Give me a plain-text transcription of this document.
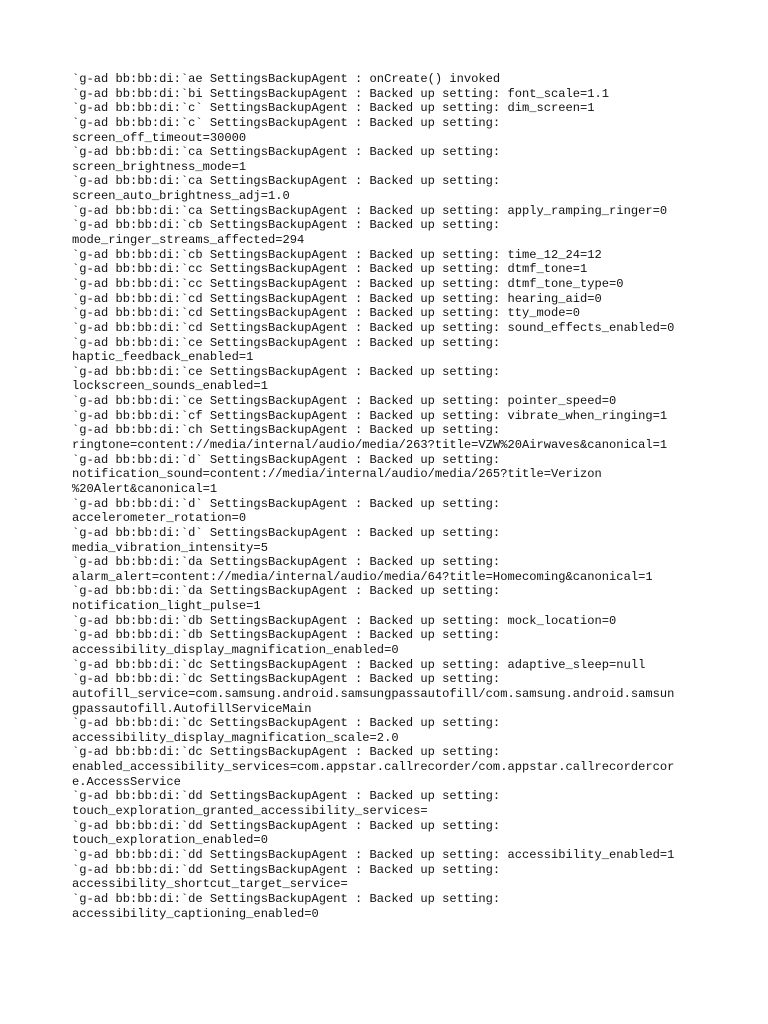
`g-ad bb:bb:di:`ae SettingsBackupAgent : onCreate() invoked
`g-ad bb:bb:di:`bi SettingsBackupAgent : Backed up setting: font_scale=1.1
`g-ad bb:bb:di:`c` SettingsBackupAgent : Backed up setting: dim_screen=1
`g-ad bb:bb:di:`c` SettingsBackupAgent : Backed up setting:
screen_off_timeout=30000
`g-ad bb:bb:di:`ca SettingsBackupAgent : Backed up setting:
screen_brightness_mode=1
`g-ad bb:bb:di:`ca SettingsBackupAgent : Backed up setting:
screen_auto_brightness_adj=1.0
`g-ad bb:bb:di:`ca SettingsBackupAgent : Backed up setting: apply_ramping_ringer=0
`g-ad bb:bb:di:`cb SettingsBackupAgent : Backed up setting:
mode_ringer_streams_affected=294
`g-ad bb:bb:di:`cb SettingsBackupAgent : Backed up setting: time_12_24=12
`g-ad bb:bb:di:`cc SettingsBackupAgent : Backed up setting: dtmf_tone=1
`g-ad bb:bb:di:`cc SettingsBackupAgent : Backed up setting: dtmf_tone_type=0
`g-ad bb:bb:di:`cd SettingsBackupAgent : Backed up setting: hearing_aid=0
`g-ad bb:bb:di:`cd SettingsBackupAgent : Backed up setting: tty_mode=0
`g-ad bb:bb:di:`cd SettingsBackupAgent : Backed up setting: sound_effects_enabled=0
`g-ad bb:bb:di:`ce SettingsBackupAgent : Backed up setting:
haptic_feedback_enabled=1
`g-ad bb:bb:di:`ce SettingsBackupAgent : Backed up setting:
lockscreen_sounds_enabled=1
`g-ad bb:bb:di:`ce SettingsBackupAgent : Backed up setting: pointer_speed=0
`g-ad bb:bb:di:`cf SettingsBackupAgent : Backed up setting: vibrate_when_ringing=1
`g-ad bb:bb:di:`ch SettingsBackupAgent : Backed up setting:
ringtone=content://media/internal/audio/media/263?title=VZW%20Airwaves&canonical=1
`g-ad bb:bb:di:`d` SettingsBackupAgent : Backed up setting:
notification_sound=content://media/internal/audio/media/265?title=Verizon
%20Alert&canonical=1
`g-ad bb:bb:di:`d` SettingsBackupAgent : Backed up setting:
accelerometer_rotation=0
`g-ad bb:bb:di:`d` SettingsBackupAgent : Backed up setting:
media_vibration_intensity=5
`g-ad bb:bb:di:`da SettingsBackupAgent : Backed up setting:
alarm_alert=content://media/internal/audio/media/64?title=Homecoming&canonical=1
`g-ad bb:bb:di:`da SettingsBackupAgent : Backed up setting:
notification_light_pulse=1
`g-ad bb:bb:di:`db SettingsBackupAgent : Backed up setting: mock_location=0
`g-ad bb:bb:di:`db SettingsBackupAgent : Backed up setting:
accessibility_display_magnification_enabled=0
`g-ad bb:bb:di:`dc SettingsBackupAgent : Backed up setting: adaptive_sleep=null
`g-ad bb:bb:di:`dc SettingsBackupAgent : Backed up setting:
autofill_service=com.samsung.android.samsungpassautofill/com.samsung.android.samsun
gpassautofill.AutofillServiceMain
`g-ad bb:bb:di:`dc SettingsBackupAgent : Backed up setting:
accessibility_display_magnification_scale=2.0
`g-ad bb:bb:di:`dc SettingsBackupAgent : Backed up setting:
enabled_accessibility_services=com.appstar.callrecorder/com.appstar.callrecordercor
e.AccessService
`g-ad bb:bb:di:`dd SettingsBackupAgent : Backed up setting:
touch_exploration_granted_accessibility_services=
`g-ad bb:bb:di:`dd SettingsBackupAgent : Backed up setting:
touch_exploration_enabled=0
`g-ad bb:bb:di:`dd SettingsBackupAgent : Backed up setting: accessibility_enabled=1
`g-ad bb:bb:di:`dd SettingsBackupAgent : Backed up setting:
accessibility_shortcut_target_service=
`g-ad bb:bb:di:`de SettingsBackupAgent : Backed up setting:
accessibility_captioning_enabled=0
